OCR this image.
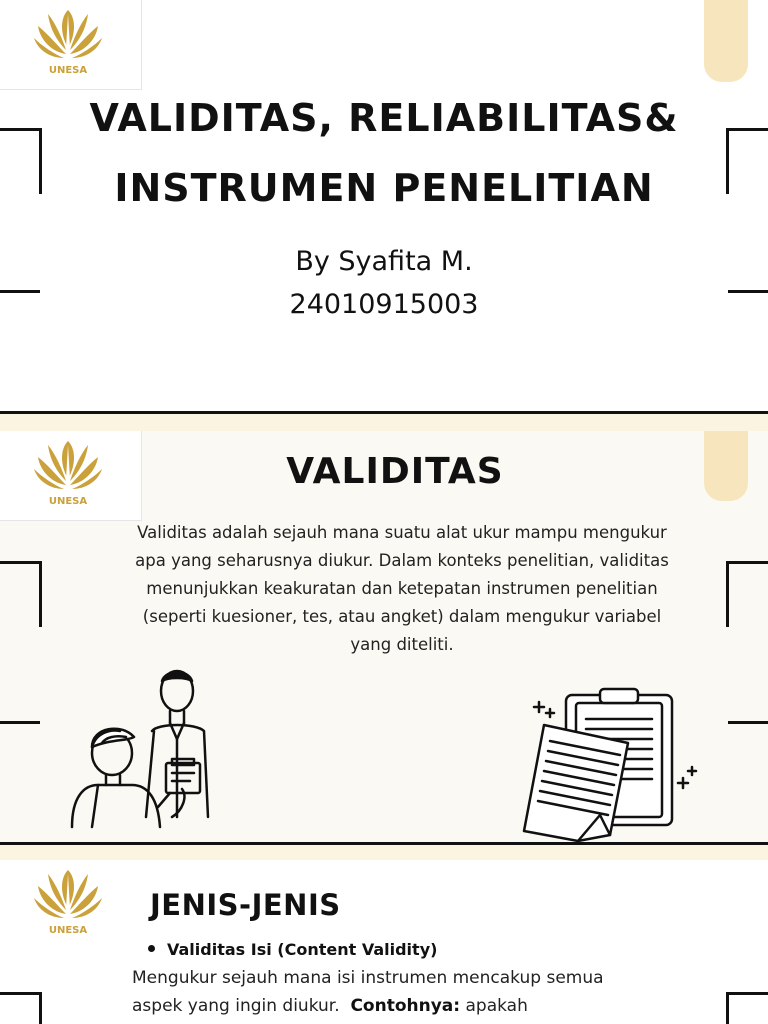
UNESA
VALIDITAS, RELIABILITAS&
INSTRUMEN PENELITIAN
By Syafita M.
24010915003
UNESA
VALIDITAS
Validitas adalah sejauh mana suatu alat ukur mampu mengukur apa yang seharusnya diukur. Dalam konteks penelitian, validitas menunjukkan keakuratan dan ketepatan instrumen penelitian (seperti kuesioner, tes, atau angket) dalam mengukur variabel yang diteliti.
UNESA
JENIS-JENIS
Validitas Isi (Content Validity)
Mengukur sejauh mana isi instrumen mencakup semua aspek yang ingin diukur. Contohnya: apakah
